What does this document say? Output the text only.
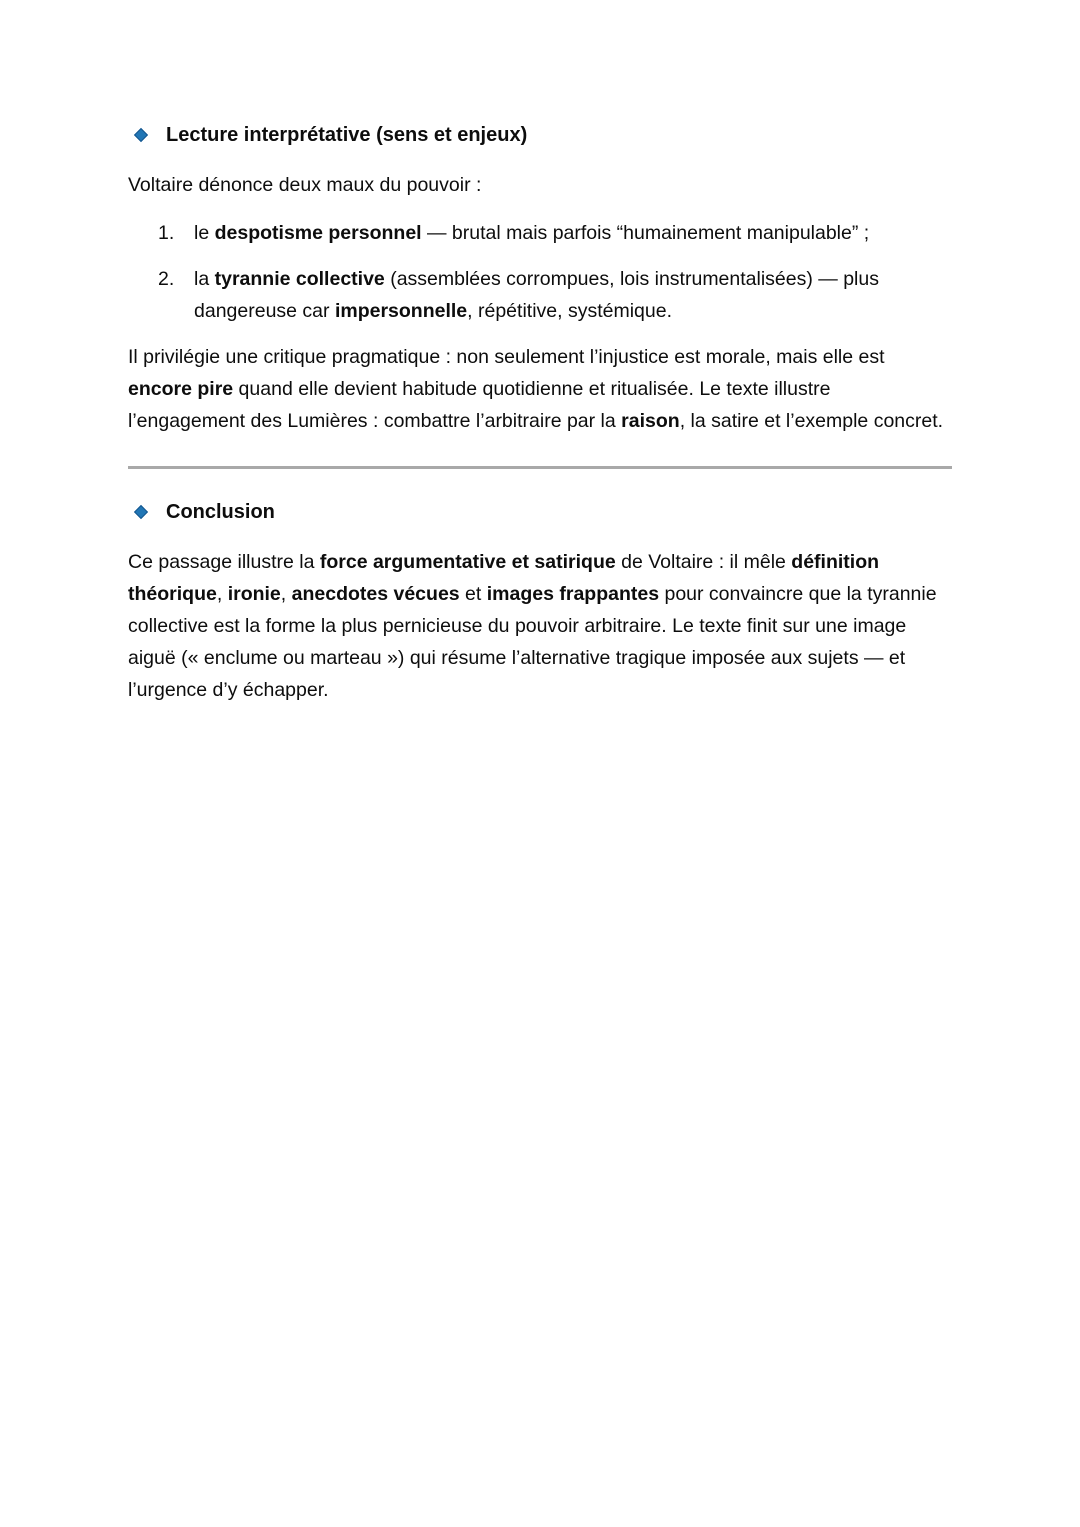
Lecture interprétative (sens et enjeux)

Voltaire dénonce deux maux du pouvoir :

1.	le despotisme personnel — brutal mais parfois “humainement manipulable” ;
2.	la tyrannie collective (assemblées corrompues, lois instrumentalisées) — plus dangereuse car impersonnelle, répétitive, systémique.

Il privilégie une critique pragmatique : non seulement l’injustice est morale, mais elle est encore pire quand elle devient habitude quotidienne et ritualisée. Le texte illustre l’engagement des Lumières : combattre l’arbitraire par la raison, la satire et l’exemple concret.

Conclusion

Ce passage illustre la force argumentative et satirique de Voltaire : il mêle définition théorique, ironie, anecdotes vécues et images frappantes pour convaincre que la tyrannie collective est la forme la plus pernicieuse du pouvoir arbitraire. Le texte finit sur une image aiguë (« enclume ou marteau ») qui résume l’alternative tragique imposée aux sujets — et l’urgence d’y échapper.
